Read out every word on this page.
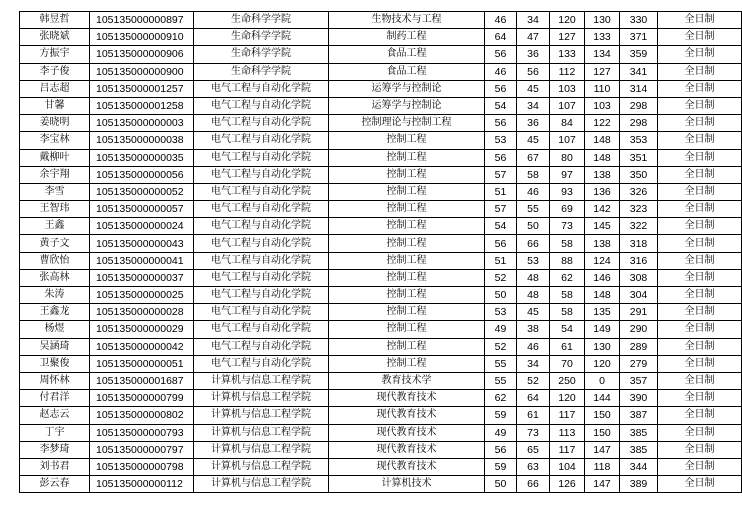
韩昱哲	105135000000897	生命科学学院	生物技术与工程	46	34	120	130	330	全日制
张晓斌	105135000000910	生命科学学院	制药工程	64	47	127	133	371	全日制
方振宇	105135000000906	生命科学学院	食品工程	56	36	133	134	359	全日制
李子俊	105135000000900	生命科学学院	食品工程	46	56	112	127	341	全日制
吕志超	105135000001257	电气工程与自动化学院	运筹学与控制论	56	45	103	110	314	全日制
甘馨	105135000001258	电气工程与自动化学院	运筹学与控制论	54	34	107	103	298	全日制
姜晓明	105135000000003	电气工程与自动化学院	控制理论与控制工程	56	36	84	122	298	全日制
李宝林	105135000000038	电气工程与自动化学院	控制工程	53	45	107	148	353	全日制
戴柳叶	105135000000035	电气工程与自动化学院	控制工程	56	67	80	148	351	全日制
余宇翔	105135000000056	电气工程与自动化学院	控制工程	57	58	97	138	350	全日制
李雪	105135000000052	电气工程与自动化学院	控制工程	51	46	93	136	326	全日制
王智玮	105135000000057	电气工程与自动化学院	控制工程	57	55	69	142	323	全日制
王鑫	105135000000024	电气工程与自动化学院	控制工程	54	50	73	145	322	全日制
黄子文	105135000000043	电气工程与自动化学院	控制工程	56	66	58	138	318	全日制
曹欣怡	105135000000041	电气工程与自动化学院	控制工程	51	53	88	124	316	全日制
张高林	105135000000037	电气工程与自动化学院	控制工程	52	48	62	146	308	全日制
朱涛	105135000000025	电气工程与自动化学院	控制工程	50	48	58	148	304	全日制
王鑫龙	105135000000028	电气工程与自动化学院	控制工程	53	45	58	135	291	全日制
杨煜	105135000000029	电气工程与自动化学院	控制工程	49	38	54	149	290	全日制
吴涵琦	105135000000042	电气工程与自动化学院	控制工程	52	46	61	130	289	全日制
卫聚俊	105135000000051	电气工程与自动化学院	控制工程	55	34	70	120	279	全日制
周怀林	105135000001687	计算机与信息工程学院	教育技术学	55	52	250	0	357	全日制
付君洋	105135000000799	计算机与信息工程学院	现代教育技术	62	64	120	144	390	全日制
赵志云	105135000000802	计算机与信息工程学院	现代教育技术	59	61	117	150	387	全日制
丁宇	105135000000793	计算机与信息工程学院	现代教育技术	49	73	113	150	385	全日制
李梦琦	105135000000797	计算机与信息工程学院	现代教育技术	56	65	117	147	385	全日制
刘书君	105135000000798	计算机与信息工程学院	现代教育技术	59	63	104	118	344	全日制
彭云春	105135000000112	计算机与信息工程学院	计算机技术	50	66	126	147	389	全日制
